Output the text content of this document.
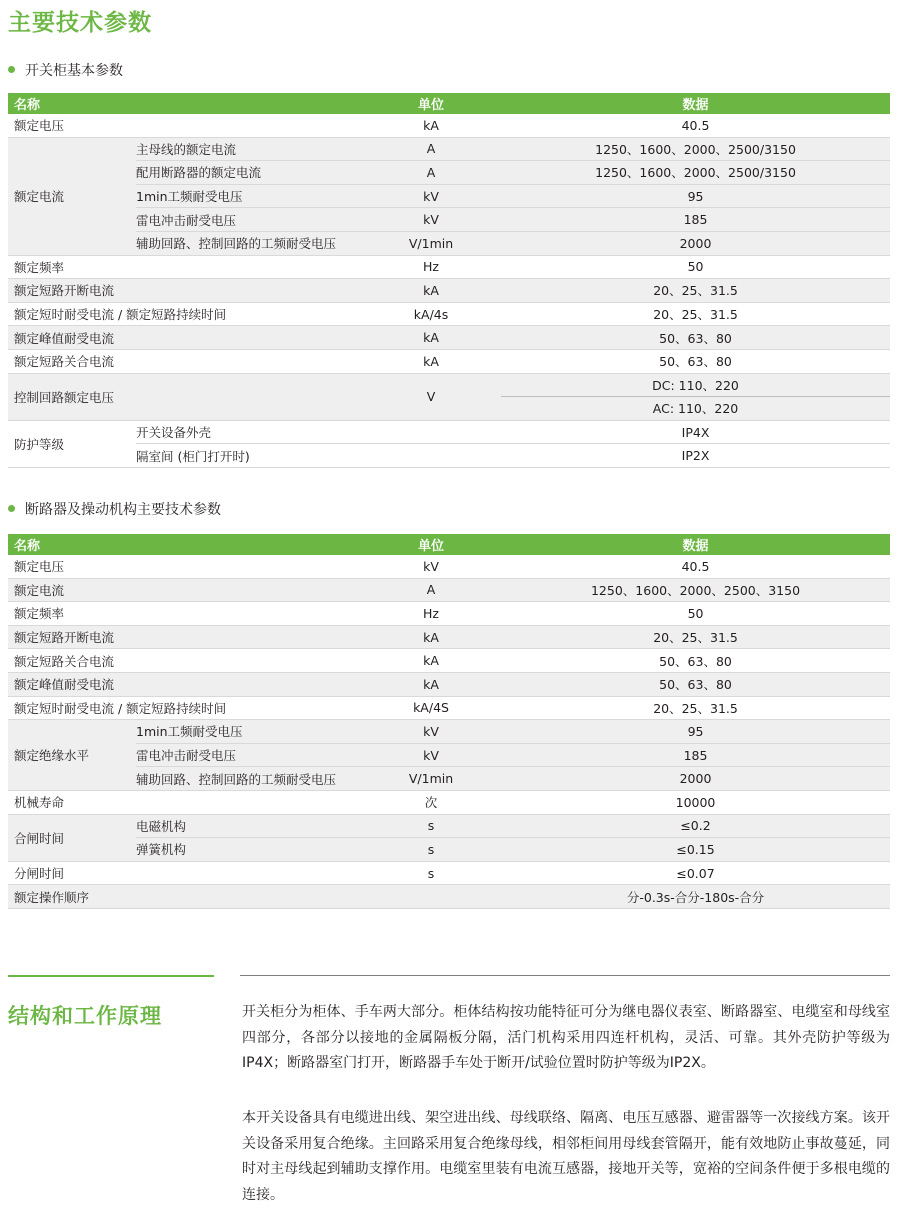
主要技术参数
开关柜基本参数
名称		单位	数据
额定电压		kA	40.5
额定电流	主母线的额定电流	A	1250、1600、2000、2500/3150
	配用断路器的额定电流	A	1250、1600、2000、2500/3150
	1min工频耐受电压	kV	95
	雷电冲击耐受电压	kV	185
	辅助回路、控制回路的工频耐受电压	V/1min	2000
额定频率		Hz	50
额定短路开断电流		kA	20、25、31.5
额定短时耐受电流 / 额定短路持续时间		kA/4s	20、25、31.5
额定峰值耐受电流		kA	50、63、80
额定短路关合电流		kA	50、63、80
控制回路额定电压		V	DC: 110、220
			AC: 110、220
防护等级	开关设备外壳		IP4X
	隔室间 (柜门打开时)		IP2X
断路器及操动机构主要技术参数
名称		单位	数据
额定电压		kV	40.5
额定电流		A	1250、1600、2000、2500、3150
额定频率		Hz	50
额定短路开断电流		kA	20、25、31.5
额定短路关合电流		kA	50、63、80
额定峰值耐受电流		kA	50、63、80
额定短时耐受电流 / 额定短路持续时间		kA/4S	20、25、31.5
额定绝缘水平	1min工频耐受电压	kV	95
	雷电冲击耐受电压	kV	185
	辅助回路、控制回路的工频耐受电压	V/1min	2000
机械寿命		次	10000
合闸时间	电磁机构	s	≤0.2
	弹簧机构	s	≤0.15
分闸时间		s	≤0.07
额定操作顺序			分-0.3s-合分-180s-合分
结构和工作原理	开关柜分为柜体、手车两大部分。柜体结构按功能特征可分为继电器仪表室、断路器室、电缆室和母线室四部分，各部分以接地的金属隔板分隔，活门机构采用四连杆机构，灵活、可靠。其外壳防护等级为IP4X；断路器室门打开，断路器手车处于断开/试验位置时防护等级为IP2X。
本开关设备具有电缆进出线、架空进出线、母线联络、隔离、电压互感器、避雷器等一次接线方案。该开关设备采用复合绝缘。主回路采用复合绝缘母线，相邻柜间用母线套管隔开，能有效地防止事故蔓延，同时对主母线起到辅助支撑作用。电缆室里装有电流互感器，接地开关等，宽裕的空间条件便于多根电缆的连接。
